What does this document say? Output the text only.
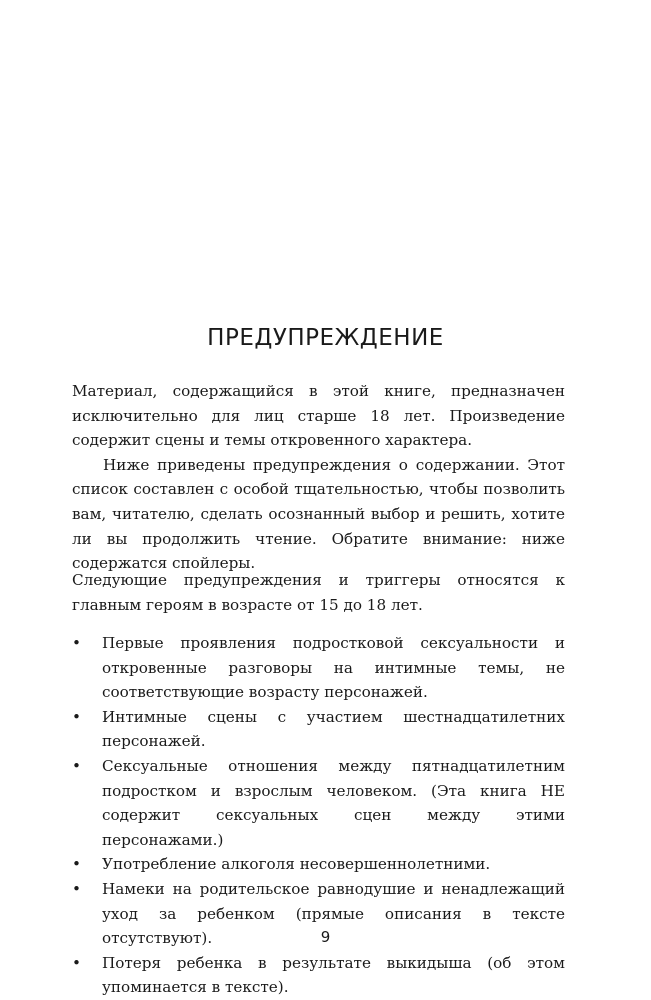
ПРЕДУПРЕЖДЕНИЕ

Материал, содержащийся в этой книге, предназначен исключительно для лиц старше 18 лет. Произведение содержит сцены и темы откровенного характера.

Ниже приведены предупреждения о содержании. Этот список составлен с особой тщательностью, чтобы позволить вам, читателю, сделать осознанный выбор и решить, хотите ли вы продолжить чтение. Обратите внимание: ниже содержатся спойлеры.

Следующие предупреждения и триггеры относятся к главным героям в возрасте от 15 до 18 лет.

• Первые проявления подростковой сексуальности и откровенные разговоры на интимные темы, не соответствующие возрасту персонажей.
• Интимные сцены с участием шестнадцатилетних персонажей.
• Сексуальные отношения между пятнадцатилетним подростком и взрослым человеком. (Эта книга НЕ содержит сексуальных сцен между этими персонажами.)
• Употребление алкоголя несовершеннолетними.
• Намеки на родительское равнодушие и ненадлежащий уход за ребенком (прямые описания в тексте отсутствуют).
• Потеря ребенка в результате выкидыша (об этом упоминается в тексте).
9
